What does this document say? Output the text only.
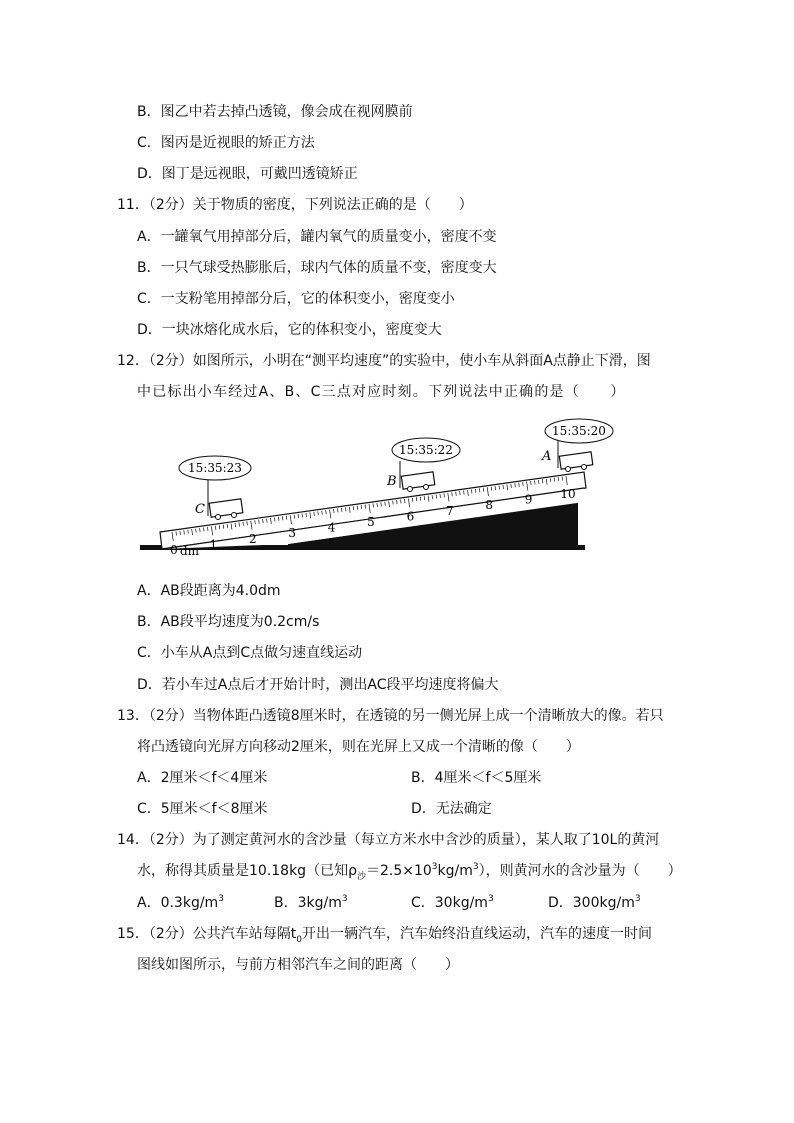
B．图乙中若去掉凸透镜，像会成在视网膜前
C．图丙是近视眼的矫正方法
D．图丁是远视眼，可戴凹透镜矫正
11．（2分）关于物质的密度，下列说法正确的是（　　）
A．一罐氧气用掉部分后，罐内氧气的质量变小，密度不变
B．一只气球受热膨胀后，球内气体的质量不变，密度变大
C．一支粉笔用掉部分后，它的体积变小，密度变小
D．一块冰熔化成水后，它的体积变小，密度变大
12．（2分）如图所示，小明在“测平均速度”的实验中，使小车从斜面A点静止下滑，图
中已标出小车经过A、B、C三点对应时刻。下列说法中正确的是（　　）
0	1	2	3	4	5	6	7	8	9 10
dm
C
15:35:23
B
15:35:22	A
15:35:20
A．AB段距离为4.0dm
B．AB段平均速度为0.2cm/s
C．小车从A点到C点做匀速直线运动
D．若小车过A点后才开始计时，测出AC段平均速度将偏大
13．（2分）当物体距凸透镜8厘米时，在透镜的另一侧光屏上成一个清晰放大的像。若只
将凸透镜向光屏方向移动2厘米，则在光屏上又成一个清晰的像（　　）
A．2厘米＜f＜4厘米	B．4厘米＜f＜5厘米
C．5厘米＜f＜8厘米	D．无法确定
14．（2分）为了测定黄河水的含沙量（每立方米水中含沙的质量），某人取了10L的黄河
水，称得其质量是10.18kg（已知$\rho_沙=2.5\times 10^3kg/m^3$），则黄河水的含沙量为（　　）
A．$0.3kg/m^3$	B．$3kg/m^3$	C．$30kg/m^3$	D．$300kg/m^3$
15．（2分）公共汽车站每隔$t_0$开出一辆汽车，汽车始终沿直线运动，汽车的速度一时间
图线如图所示，与前方相邻汽车之间的距离（　　）
